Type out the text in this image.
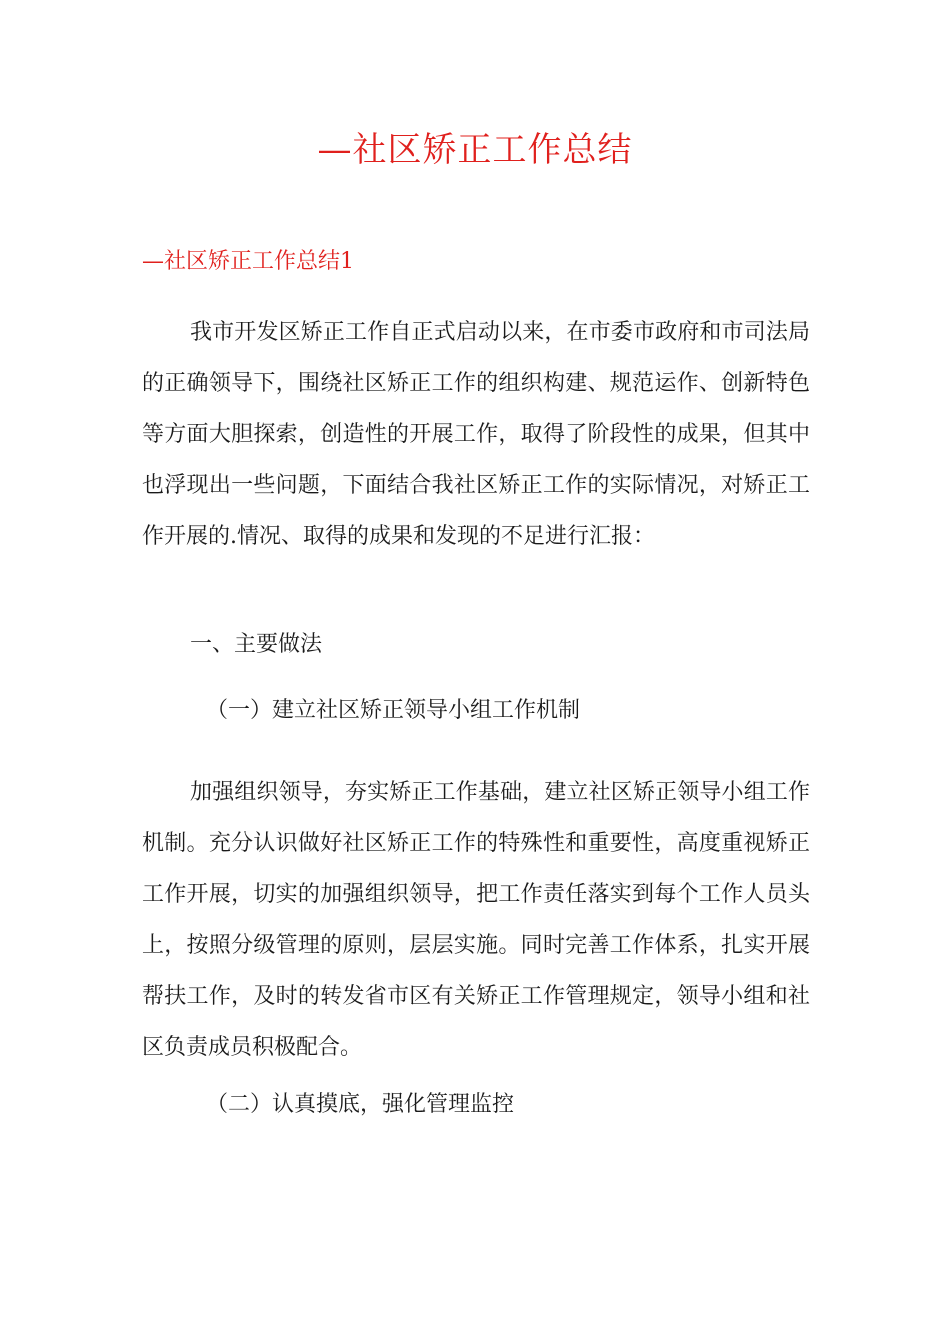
—社区矫正工作总结
—社区矫正工作总结1

我市开发区矫正工作自正式启动以来，在市委市政府和市司法局的正确领导下，围绕社区矫正工作的组织构建、规范运作、创新特色等方面大胆探索，创造性的开展工作，取得了阶段性的成果，但其中也浮现出一些问题，下面结合我社区矫正工作的实际情况，对矫正工作开展的.情况、取得的成果和发现的不足进行汇报：

一、主要做法
（一）建立社区矫正领导小组工作机制

加强组织领导，夯实矫正工作基础，建立社区矫正领导小组工作机制。充分认识做好社区矫正工作的特殊性和重要性，高度重视矫正工作开展，切实的加强组织领导，把工作责任落实到每个工作人员头上，按照分级管理的原则，层层实施。同时完善工作体系，扎实开展帮扶工作，及时的转发省市区有关矫正工作管理规定，领导小组和社区负责成员积极配合。

（二）认真摸底，强化管理监控
